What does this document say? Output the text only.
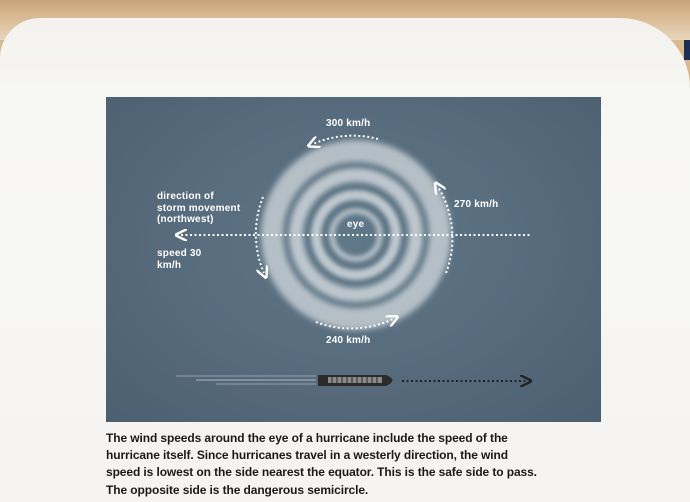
300 km/h
270 km/h
240 km/h
eye
direction of
storm movement
(northwest)
speed 30
km/h
The wind speeds around the eye of a hurricane include the speed of the
hurricane itself. Since hurricanes travel in a westerly direction, the wind
speed is lowest on the side nearest the equator. This is the safe side to pass.
The opposite side is the dangerous semicircle.
